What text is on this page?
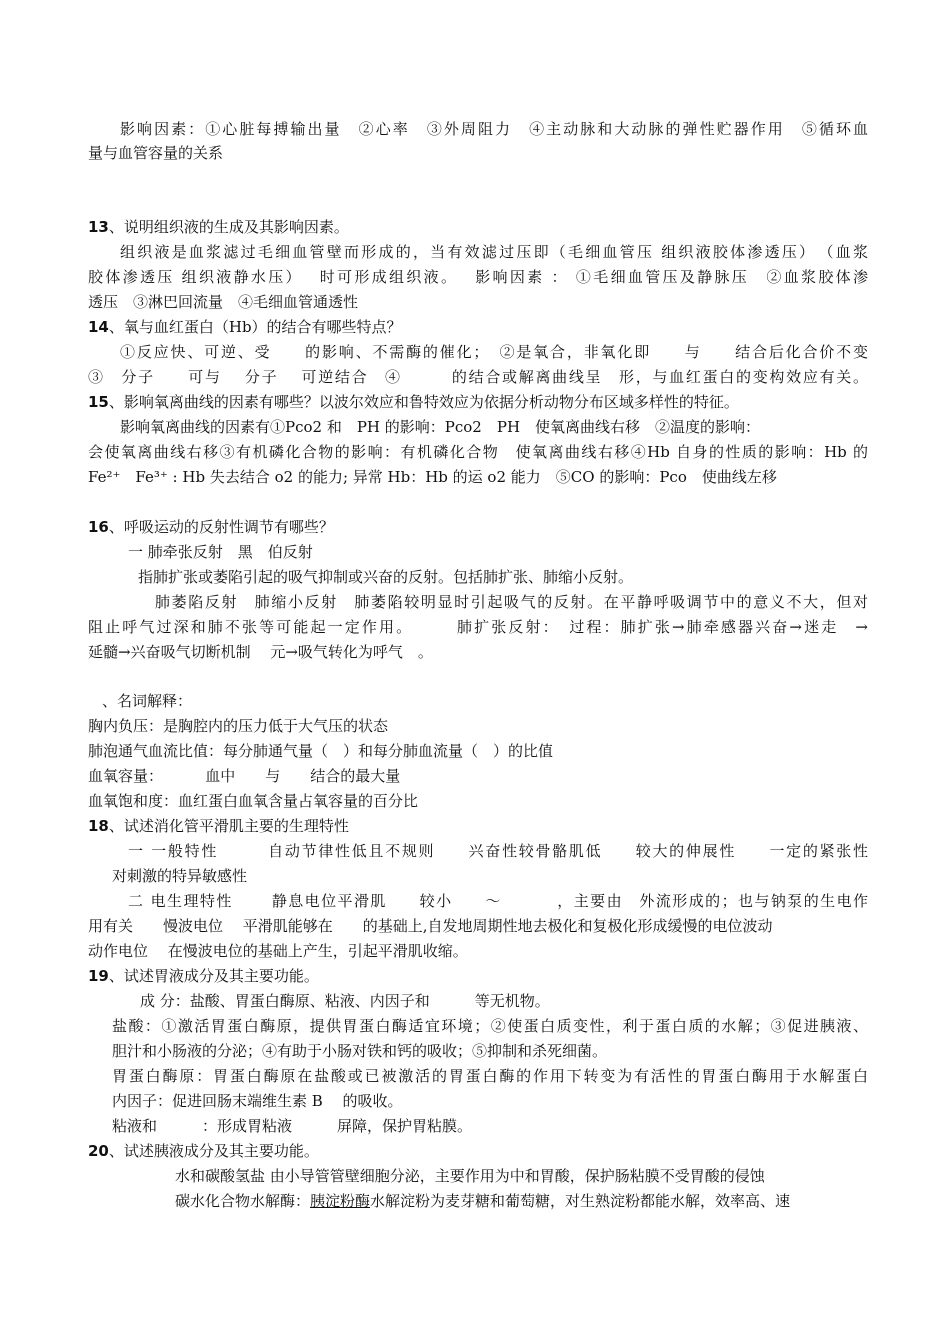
影响因素：①心脏每搏输出量　②心率　③外周阻力　④主动脉和大动脉的弹性贮器作用　⑤循环血
量与血管容量的关系
13、说明组织液的生成及其影响因素。
组织液是血浆滤过毛细血管壁而形成的，当有效滤过压即（毛细血管压 组织液胶体渗透压）　（血浆
胶体渗透压 组织液静水压）　 时可形成组织液。　 影响因素 ： ①毛细血管压及静脉压　②血浆胶体渗
透压　③淋巴回流量　④毛细血管通透性
14、氧与血红蛋白（Hb）的结合有哪些特点？
①反应快、可逆、受　　的影响、不需酶的催化；　②是氧合，非氧化即　　与　　结合后化合价不变
③　分子　　可与　 分子　 可逆结合　④　　　的结合或解离曲线呈　形，与血红蛋白的变构效应有关。
15、影响氧离曲线的因素有哪些？以波尔效应和鲁特效应为依据分析动物分布区域多样性的特征。
影响氧离曲线的因素有①Pco2 和　PH 的影响：Pco2　PH　使氧离曲线右移　②温度的影响：
会使氧离曲线右移③有机磷化合物的影响：有机磷化合物　使氧离曲线右移④Hb 自身的性质的影响：Hb 的
Fe²⁺　Fe³⁺ : Hb 失去结合 o2 的能力; 异常 Hb：Hb 的运 o2 能力　⑤CO 的影响：Pco　使曲线左移
16、呼吸运动的反射性调节有哪些？
一 肺牵张反射　黑　伯反射
指肺扩张或萎陷引起的吸气抑制或兴奋的反射。包括肺扩张、肺缩小反射。
肺萎陷反射　肺缩小反射　肺萎陷较明显时引起吸气的反射。在平静呼吸调节中的意义不大，但对
阻止呼气过深和肺不张等可能起一定作用。　　　肺扩张反射：　过程：肺扩张→肺牵感器兴奋→迷走　→
延髓→兴奋吸气切断机制　 元→吸气转化为呼气　。
、名词解释：
胸内负压：是胸腔内的压力低于大气压的状态
肺泡通气血流比值：每分肺通气量（　）和每分肺血流量（　）的比值
血氧容量：　　　 血中　　与　　结合的最大量
血氧饱和度：血红蛋白血氧含量占氧容量的百分比
18、试述消化管平滑肌主要的生理特性
一 一般特性　　　自动节律性低且不规则　　兴奋性较骨骼肌低　　较大的伸展性　　一定的紧张性
对刺激的特异敏感性
二 电生理特性　　 静息电位平滑肌　　较小　　～　　　 ，主要由　外流形成的；也与钠泵的生电作
用有关　　慢波电位　 平滑肌能够在　　的基础上,自发地周期性地去极化和复极化形成缓慢的电位波动
动作电位　 在慢波电位的基础上产生，引起平滑肌收缩。
19、试述胃液成分及其主要功能。
成 分：盐酸、胃蛋白酶原、粘液、内因子和　　　等无机物。
盐酸：①激活胃蛋白酶原，提供胃蛋白酶适宜环境；②使蛋白质变性，利于蛋白质的水解；③促进胰液、
胆汁和小肠液的分泌；④有助于小肠对铁和钙的吸收；⑤抑制和杀死细菌。
胃蛋白酶原：胃蛋白酶原在盐酸或已被激活的胃蛋白酶的作用下转变为有活性的胃蛋白酶用于水解蛋白
内因子：促进回肠末端维生素 B　 的吸收。
粘液和　　　：形成胃粘液　　　屏障，保护胃粘膜。
20、试述胰液成分及其主要功能。
水和碳酸氢盐 由小导管管壁细胞分泌，主要作用为中和胃酸，保护肠粘膜不受胃酸的侵蚀
碳水化合物水解酶：胰淀粉酶水解淀粉为麦芽糖和葡萄糖，对生熟淀粉都能水解，效率高、速
